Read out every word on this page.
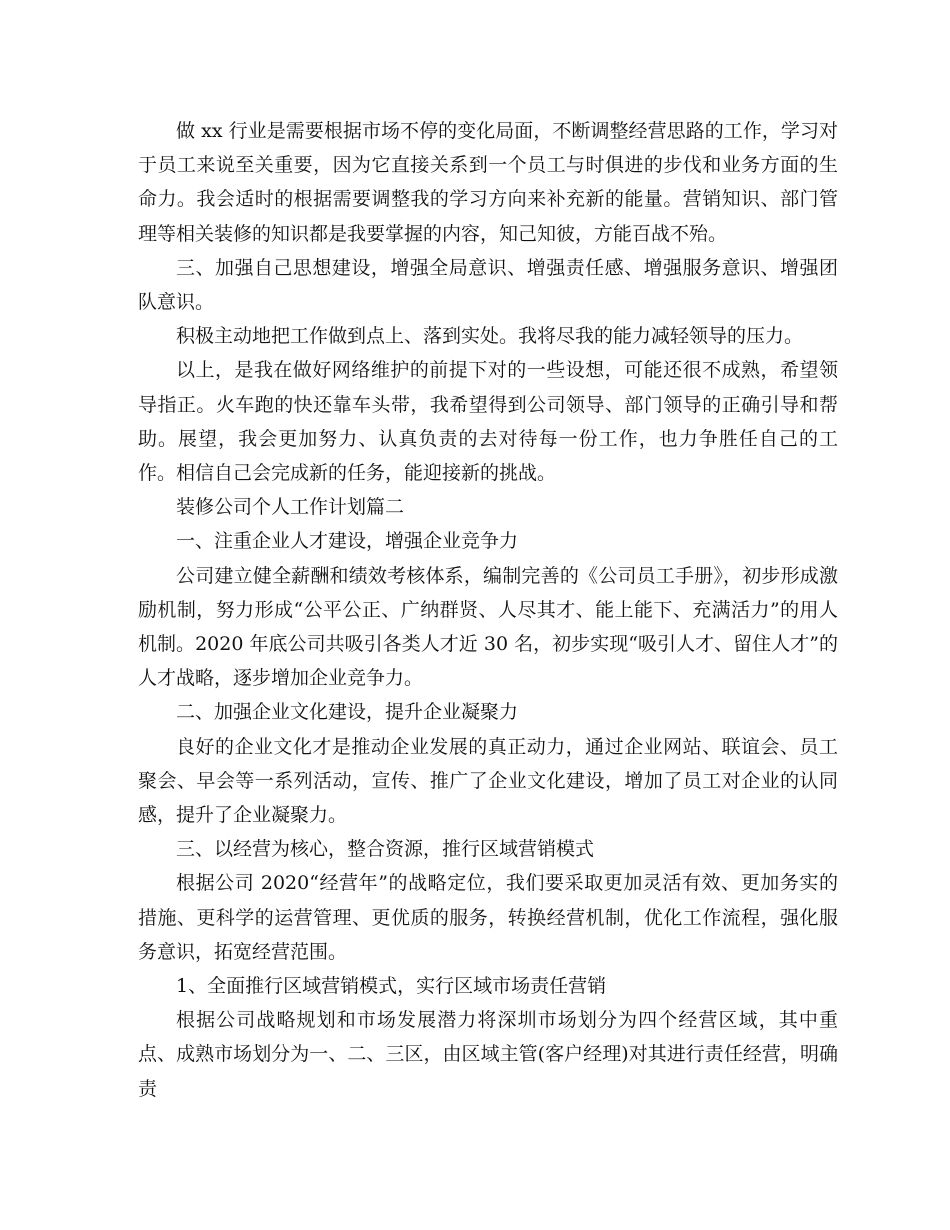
做 xx 行业是需要根据市场不停的变化局面，不断调整经营思路的工作，学习对于员工来说至关重要，因为它直接关系到一个员工与时俱进的步伐和业务方面的生命力。我会适时的根据需要调整我的学习方向来补充新的能量。营销知识、部门管理等相关装修的知识都是我要掌握的内容，知己知彼，方能百战不殆。

三、加强自己思想建设，增强全局意识、增强责任感、增强服务意识、增强团队意识。

积极主动地把工作做到点上、落到实处。我将尽我的能力减轻领导的压力。

以上，是我在做好网络维护的前提下对的一些设想，可能还很不成熟，希望领导指正。火车跑的快还靠车头带，我希望得到公司领导、部门领导的正确引导和帮助。展望，我会更加努力、认真负责的去对待每一份工作，也力争胜任自己的工作。相信自己会完成新的任务，能迎接新的挑战。

装修公司个人工作计划篇二

一、注重企业人才建设，增强企业竞争力

公司建立健全薪酬和绩效考核体系，编制完善的《公司员工手册》，初步形成激励机制，努力形成“公平公正、广纳群贤、人尽其才、能上能下、充满活力”的用人机制。2020 年底公司共吸引各类人才近 30 名，初步实现“吸引人才、留住人才”的人才战略，逐步增加企业竞争力。

二、加强企业文化建设，提升企业凝聚力

良好的企业文化才是推动企业发展的真正动力，通过企业网站、联谊会、员工聚会、早会等一系列活动，宣传、推广了企业文化建设，增加了员工对企业的认同感，提升了企业凝聚力。

三、以经营为核心，整合资源，推行区域营销模式

根据公司 2020“经营年”的战略定位，我们要采取更加灵活有效、更加务实的措施、更科学的运营管理、更优质的服务，转换经营机制，优化工作流程，强化服务意识，拓宽经营范围。

1、全面推行区域营销模式，实行区域市场责任营销

根据公司战略规划和市场发展潜力将深圳市场划分为四个经营区域，其中重点、成熟市场划分为一、二、三区，由区域主管(客户经理)对其进行责任经营，明确责
